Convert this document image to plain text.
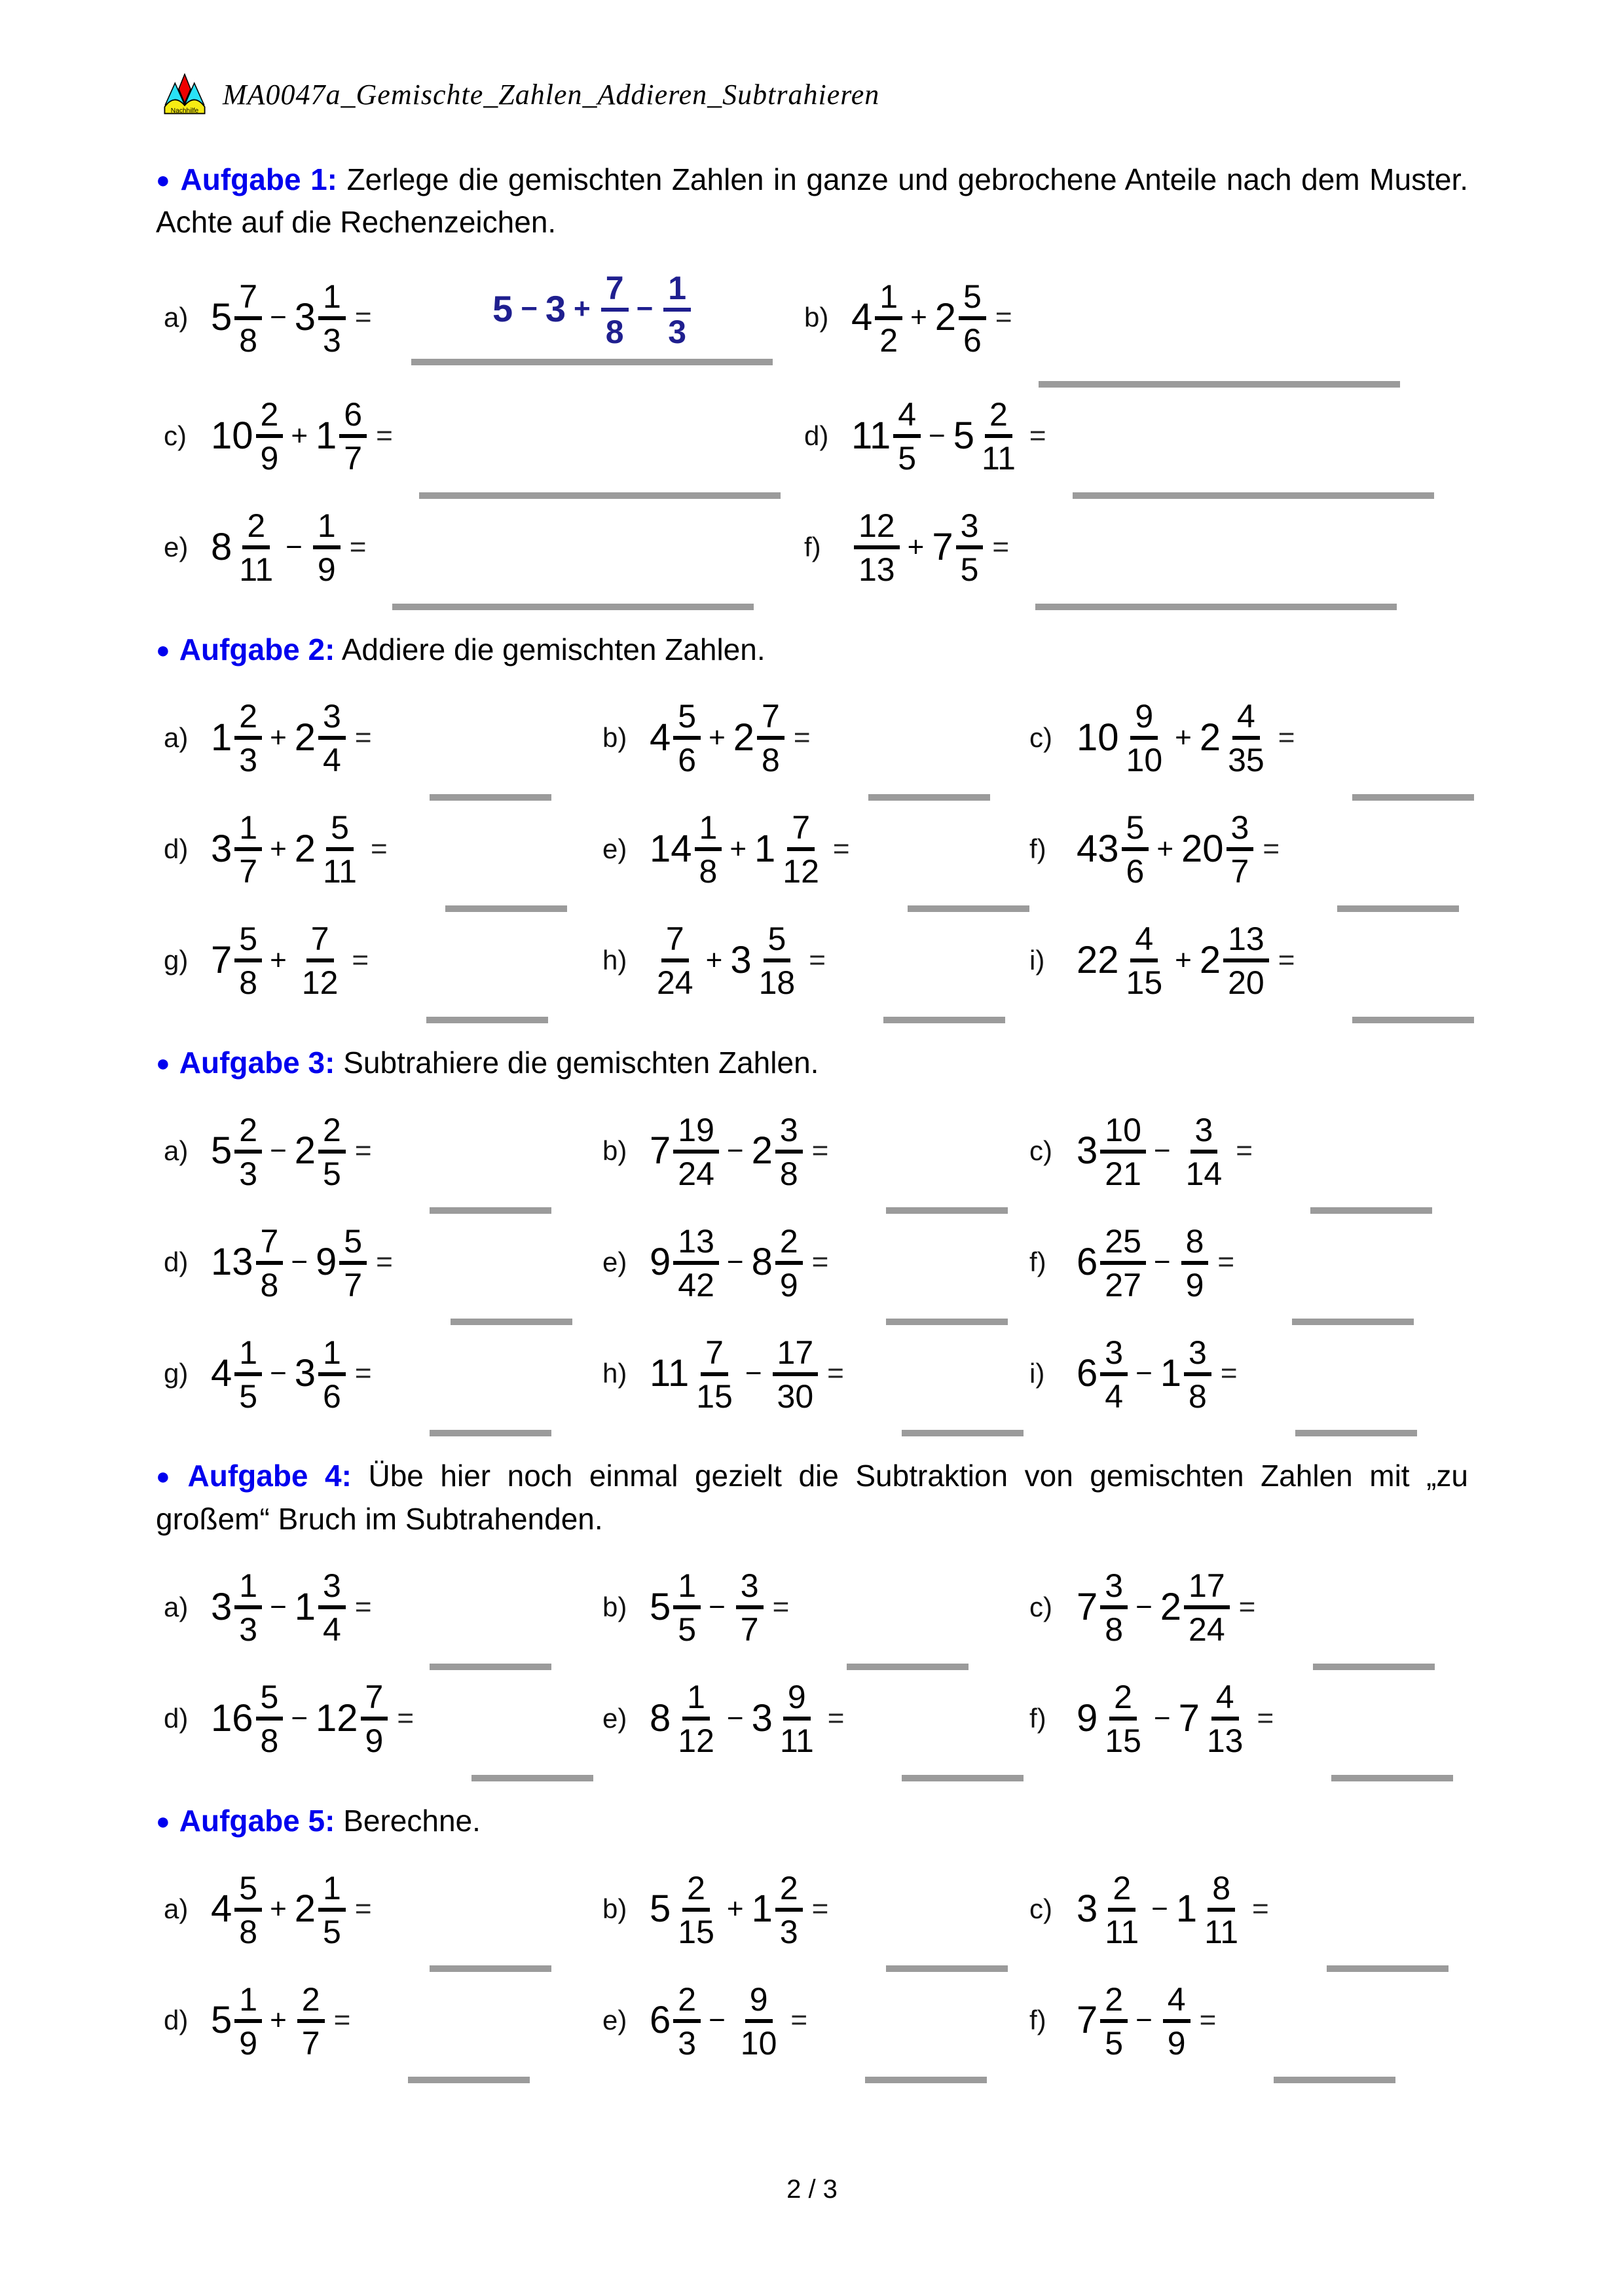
Nachhilfe
MA0047a_Gemischte_Zahlen_Addieren_Subtrahieren

● Aufgabe 1: Zerlege die gemischten Zahlen in ganze und gebrochene Anteile nach dem Muster. Achte auf die Rechenzeichen.

a) $5 \frac{7}{8} - 3 \frac{1}{3}$ =	$5 - 3 + \frac{7}{8} - \frac{1}{3}$	b) $4 \frac{1}{2} + 2 \frac{5}{6}$ =
c) $10 \frac{2}{9} + 1 \frac{6}{7}$ =	d) $11 \frac{4}{5} - 5 \frac{2}{11}$ =
e) $8 \frac{2}{11} - \frac{1}{9}$ =	f)	$\frac{12}{13} + 7 \frac{3}{5}$ =

● Aufgabe 2: Addiere die gemischten Zahlen.

a) $1 \frac{2}{3} + 2 \frac{3}{4}$ =	b) $4 \frac{5}{6} + 2 \frac{7}{8}$ =	c) $10 \frac{9}{10} + 2 \frac{4}{35}$ =
d) $3 \frac{1}{7} + 2 \frac{5}{11}$ =	e) $14 \frac{1}{8} + 1 \frac{7}{12}$ =	f) $43 \frac{5}{6} + 20 \frac{3}{7}$ =
g) $7 \frac{5}{8} + \frac{7}{12}$ =	$h) \frac{7}{24} + 3 \frac{5}{18}$ =	i) $22 \frac{4}{15} + 2 \frac{13}{20}$ =

● Aufgabe 3: Subtrahiere die gemischten Zahlen.

a) $5 \frac{2}{3} - 2 \frac{2}{5}$ =	b) $7 \frac{19}{24} - 2 \frac{3}{8}$ =	c) $3 \frac{10}{21} - \frac{3}{14}$ =
d) $13 \frac{7}{8} - 9 \frac{5}{7}$ =	e) $9 \frac{13}{42} - 8 \frac{2}{9}$ =	f) $6 \frac{25}{27} - \frac{8}{9}$ =
g) $4 \frac{1}{5} - 3 \frac{1}{6}$ =	h) $11 \frac{7}{15} - \frac{17}{30}$ =	i) $6 \frac{3}{4} - 1 \frac{3}{8}$ =

● Aufgabe 4: Übe hier noch einmal gezielt die Subtraktion von gemischten Zahlen mit „zu großem“ Bruch im Subtrahenden.

a) $3 \frac{1}{3} - 1 \frac{3}{4}$ =	b) $5 \frac{1}{5} - \frac{3}{7}$ =	c) $7 \frac{3}{8} - 2 \frac{17}{24}$ =
d) $16 \frac{5}{8} - 12 \frac{7}{9}$ =	e) $8 \frac{1}{12} - 3 \frac{9}{11}$ =	f) $9 \frac{2}{15} - 7 \frac{4}{13}$ =

● Aufgabe 5: Berechne.

a) $4 \frac{5}{8} + 2 \frac{1}{5}$ =	b) $5 \frac{2}{15} + 1 \frac{2}{3}$ =	c) $3 \frac{2}{11} - 1 \frac{8}{11}$ =
d) $5 \frac{1}{9} + \frac{2}{7}$ =	e) $6 \frac{2}{3} - \frac{9}{10}$ =	f) $7 \frac{2}{5} - \frac{4}{9}$ =
2 / 3
